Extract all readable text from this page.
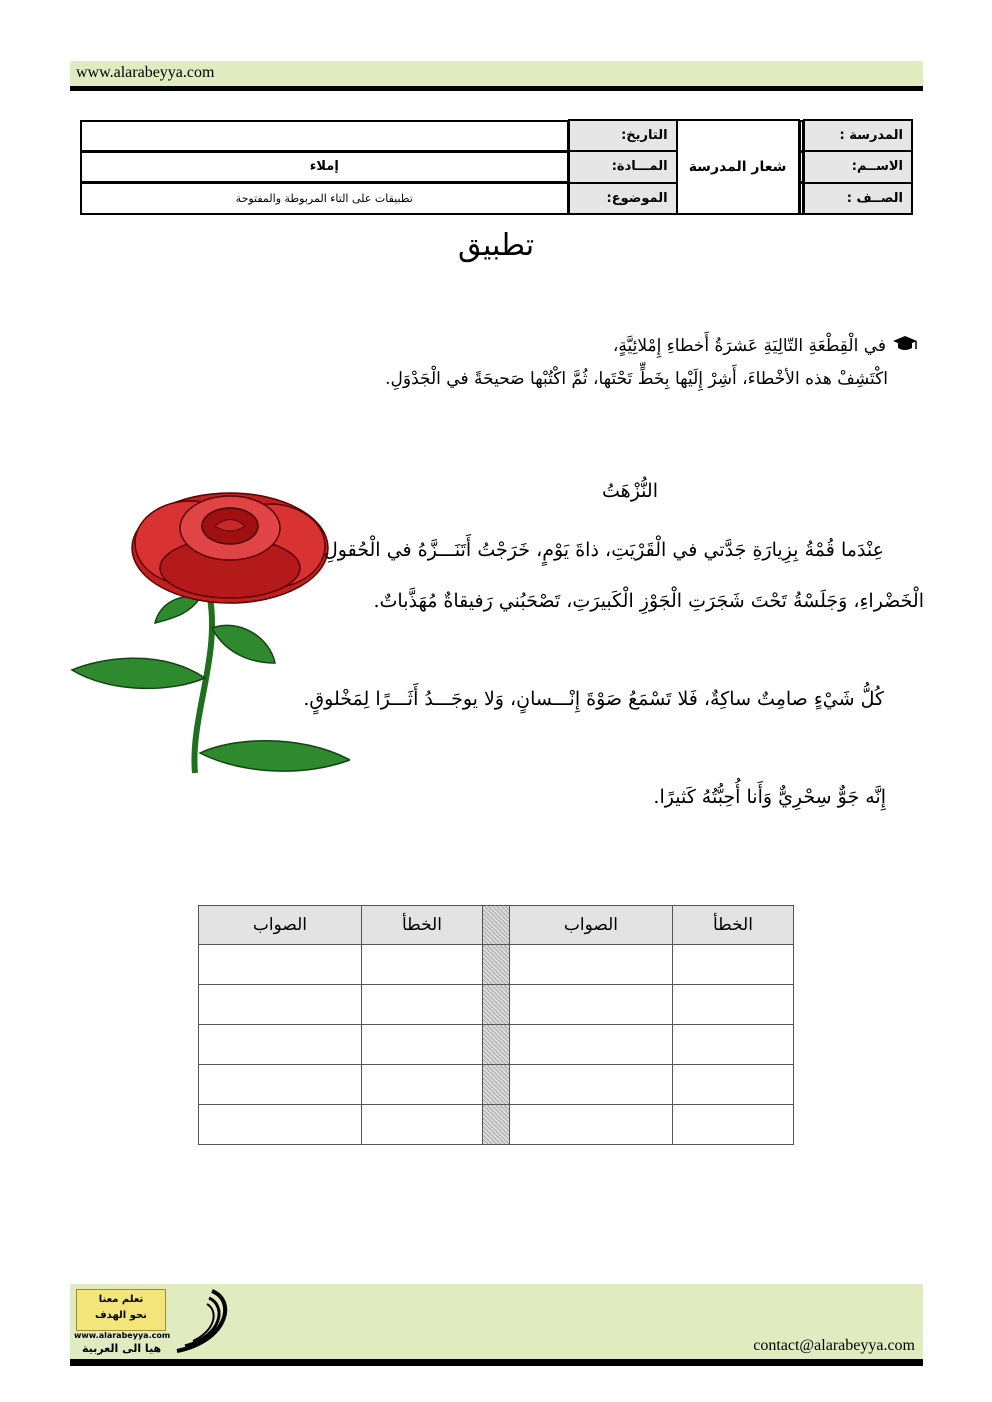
www.alarabeyya.com
المدرسة :		شعار المدرسة	التاريخ:	
الاســم:			المـــادة:	إملاء
الصــف :			الموضوع:	تطبيقات على التاء المربوطة والمفتوحة
تطبيق
في الْقِطْعَةِ التّالِيَةِ عَشرَةُ أَخطاءِ إِمْلائِيَّةٍ،
اكْتَشِفْ هذه الأخْطاءَ، أَشِرْ إِلَيْها بِخَطٍّ تَحْتَها، ثُمَّ اكْتُبْها صَحيحَةً في الْجَدْوَلِ.
النُّزْهَتُ
عِنْدَما قُمْةُ بِزِيارَةِ جَدَّتي في الْقَرْيَتِ، ذاةَ يَوْمٍ، خَرَجْتُ أَتَنَـــزَّهُ في الْحُقولِ الْخَضْراءِ، وَجَلَسْةُ تَحْتَ شَجَرَتِ الْجَوْزِ الْكَبيرَتِ، تَصْحَبُني رَفيقاةٌ مُهَذَّباتٌ.
كُلُّ شَيْءٍ صامِتٌ ساكِةٌ، فَلا تَسْمَعُ صَوْةَ إِنْـــسانٍ، وَلا يوجَـــدُ أَثَـــرًا لِمَخْلوقٍ.
إِنَّه جَوٌّ سِحْرِيٌّ وَأَنا أُحِبُّتُهُ كَثيرًا.
الخطأ	الصواب		الخطأ	الصواب

تعلم معنا
نحو الهدف
www.alarabeyya.com
هيا الى العربية	contact@alarabeyya.com
